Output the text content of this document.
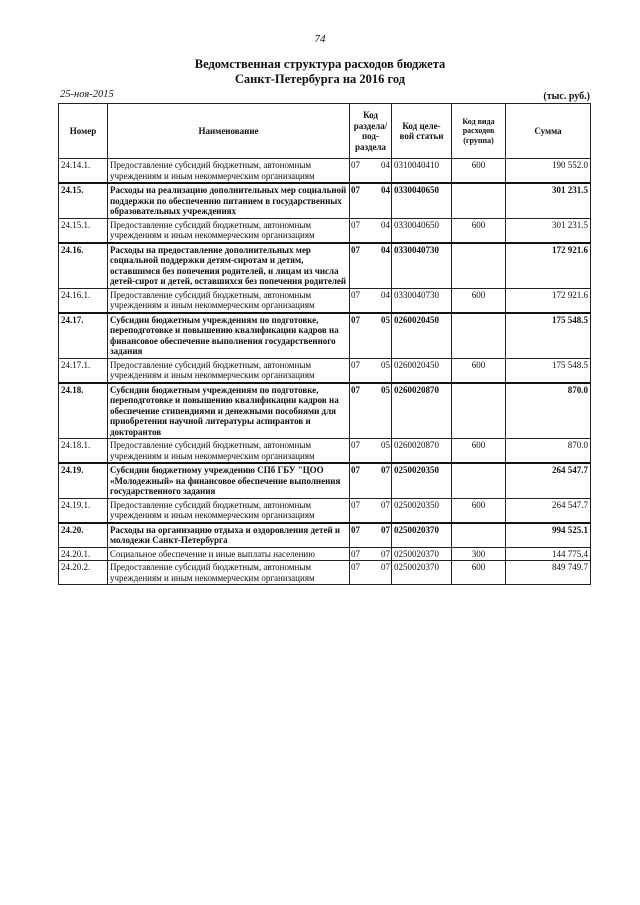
74
Ведомственная структура расходов бюджета
Санкт-Петербурга на 2016 год
25-ноя-2015	(тыс. руб.)
Номер	Наименование	Код раздела/ под- раздела	Код целе- вой статьи	Код вида расходов (группа)	Сумма
24.14.1.	Предоставление субсидий бюджетным, автономным учреждениям и иным некоммерческим организациям	07 04	0310040410	600	190 552.0
24.15.	Расходы на реализацию дополнительных мер социальной поддержки по обеспечению питанием в государственных образовательных учреждениях	07 04	0330040650		301 231.5
24.15.1.	Предоставление субсидий бюджетным, автономным учреждениям и иным некоммерческим организациям	07 04	0330040650	600	301 231.5
24.16.	Расходы на предоставление дополнительных мер социальной поддержки детям-сиротам и детям, оставшимся без попечения родителей, и лицам из числа детей-сирот и детей, оставшихся без попечения родителей	07 04	0330040730		172 921.6
24.16.1.	Предоставление субсидий бюджетным, автономным учреждениям и иным некоммерческим организациям	07 04	0330040730	600	172 921.6
24.17.	Субсидии бюджетным учреждениям по подготовке, переподготовке и повышению квалификации кадров на финансовое обеспечение выполнения государственного задания	07 05	0260020450		175 548.5
24.17.1.	Предоставление субсидий бюджетным, автономным учреждениям и иным некоммерческим организациям	07 05	0260020450	600	175 548.5
24.18.	Субсидии бюджетным учреждениям по подготовке, переподготовке и повышению квалификации кадров на обеспечение стипендиями и денежными пособиями для приобретения научной литературы аспирантов и докторантов	07 05	0260020870		870.0
24.18.1.	Предоставление субсидий бюджетным, автономным учреждениям и иным некоммерческим организациям	07 05	0260020870	600	870.0
24.19.	Субсидии бюджетному учреждению СПб ГБУ "ЦОО «Молодежный» на финансовое обеспечение выполнения государственного задания	07 07	0250020350		264 547.7
24.19.1.	Предоставление субсидий бюджетным, автономным учреждениям и иным некоммерческим организациям	07 07	0250020350	600	264 547.7
24.20.	Расходы на организацию отдыха и оздоровления детей и молодежи Санкт-Петербурга	07 07	0250020370		994 525.1
24.20.1.	Социальное обеспечение и иные выплаты населению	07 07	0250020370	300	144 775.4
24.20.2.	Предоставление субсидий бюджетным, автономным учреждениям и иным некоммерческим организациям	07 07	0250020370	600	849 749.7
